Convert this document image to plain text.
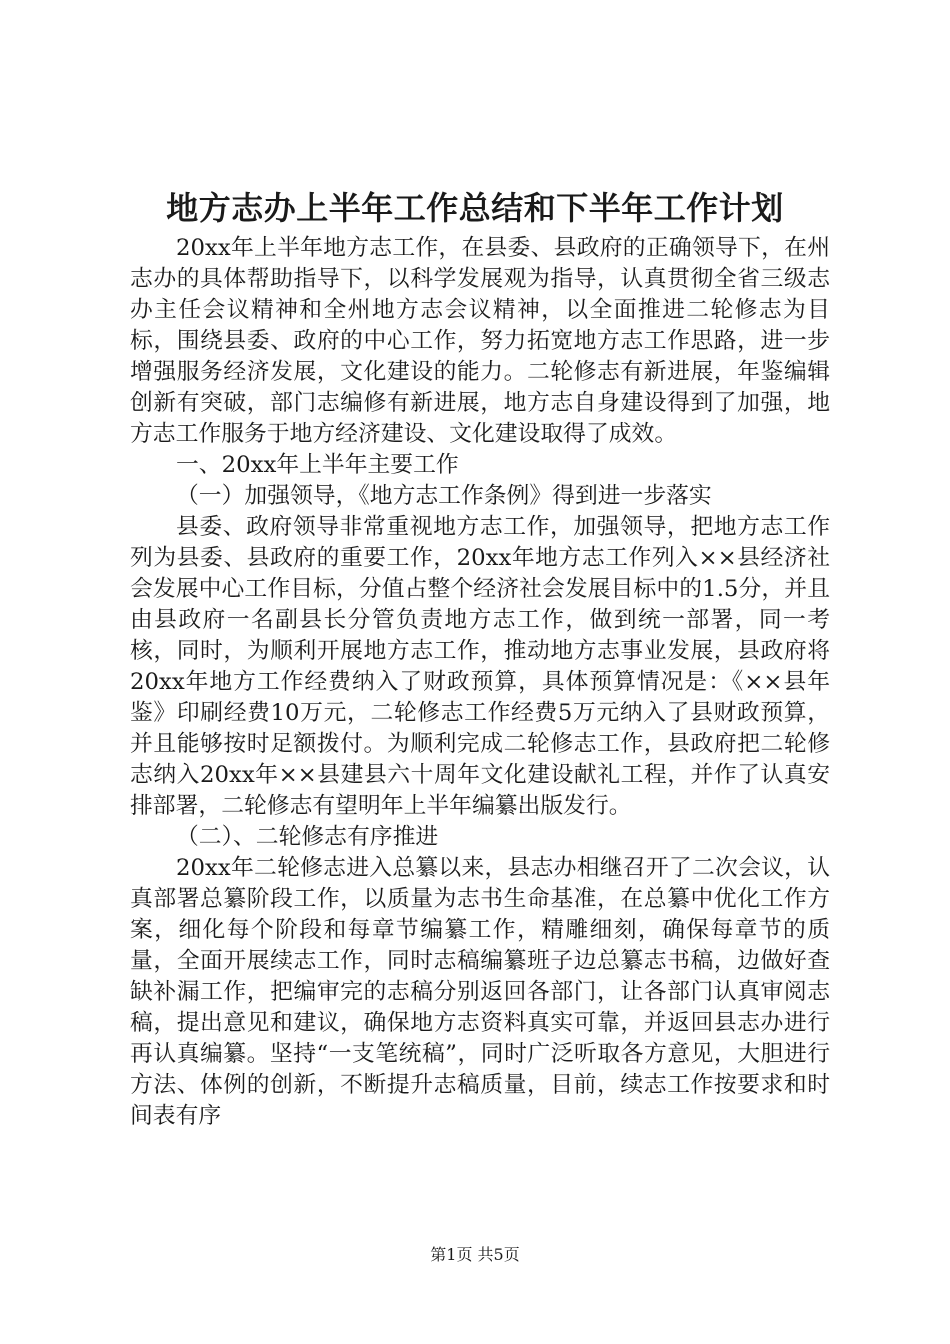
地方志办上半年工作总结和下半年工作计划

20xx年上半年地方志工作，在县委、县政府的正确领导下，在州志办的具体帮助指导下，以科学发展观为指导，认真贯彻全省三级志办主任会议精神和全州地方志会议精神，以全面推进二轮修志为目标，围绕县委、政府的中心工作，努力拓宽地方志工作思路，进一步增强服务经济发展，文化建设的能力。二轮修志有新进展，年鉴编辑创新有突破，部门志编修有新进展，地方志自身建设得到了加强，地方志工作服务于地方经济建设、文化建设取得了成效。

一、20xx年上半年主要工作

（一）加强领导，《地方志工作条例》得到进一步落实

县委、政府领导非常重视地方志工作，加强领导，把地方志工作列为县委、县政府的重要工作，20xx年地方志工作列入××县经济社会发展中心工作目标，分值占整个经济社会发展目标中的1.5分，并且由县政府一名副县长分管负责地方志工作，做到统一部署，同一考核，同时，为顺利开展地方志工作，推动地方志事业发展，县政府将20xx年地方工作经费纳入了财政预算，具体预算情况是：《××县年鉴》印刷经费10万元，二轮修志工作经费5万元纳入了县财政预算，并且能够按时足额拨付。为顺利完成二轮修志工作，县政府把二轮修志纳入20xx年××县建县六十周年文化建设献礼工程，并作了认真安排部署，二轮修志有望明年上半年编纂出版发行。

（二）、二轮修志有序推进

20xx年二轮修志进入总纂以来，县志办相继召开了二次会议，认真部署总纂阶段工作，以质量为志书生命基准，在总纂中优化工作方案，细化每个阶段和每章节编纂工作，精雕细刻，确保每章节的质量，全面开展续志工作，同时志稿编纂班子边总纂志书稿，边做好查缺补漏工作，把编审完的志稿分别返回各部门，让各部门认真审阅志稿，提出意见和建议，确保地方志资料真实可靠，并返回县志办进行再认真编纂。坚持“一支笔统稿”，同时广泛听取各方意见，大胆进行方法、体例的创新，不断提升志稿质量，目前，续志工作按要求和时间表有序

第1页 共5页
